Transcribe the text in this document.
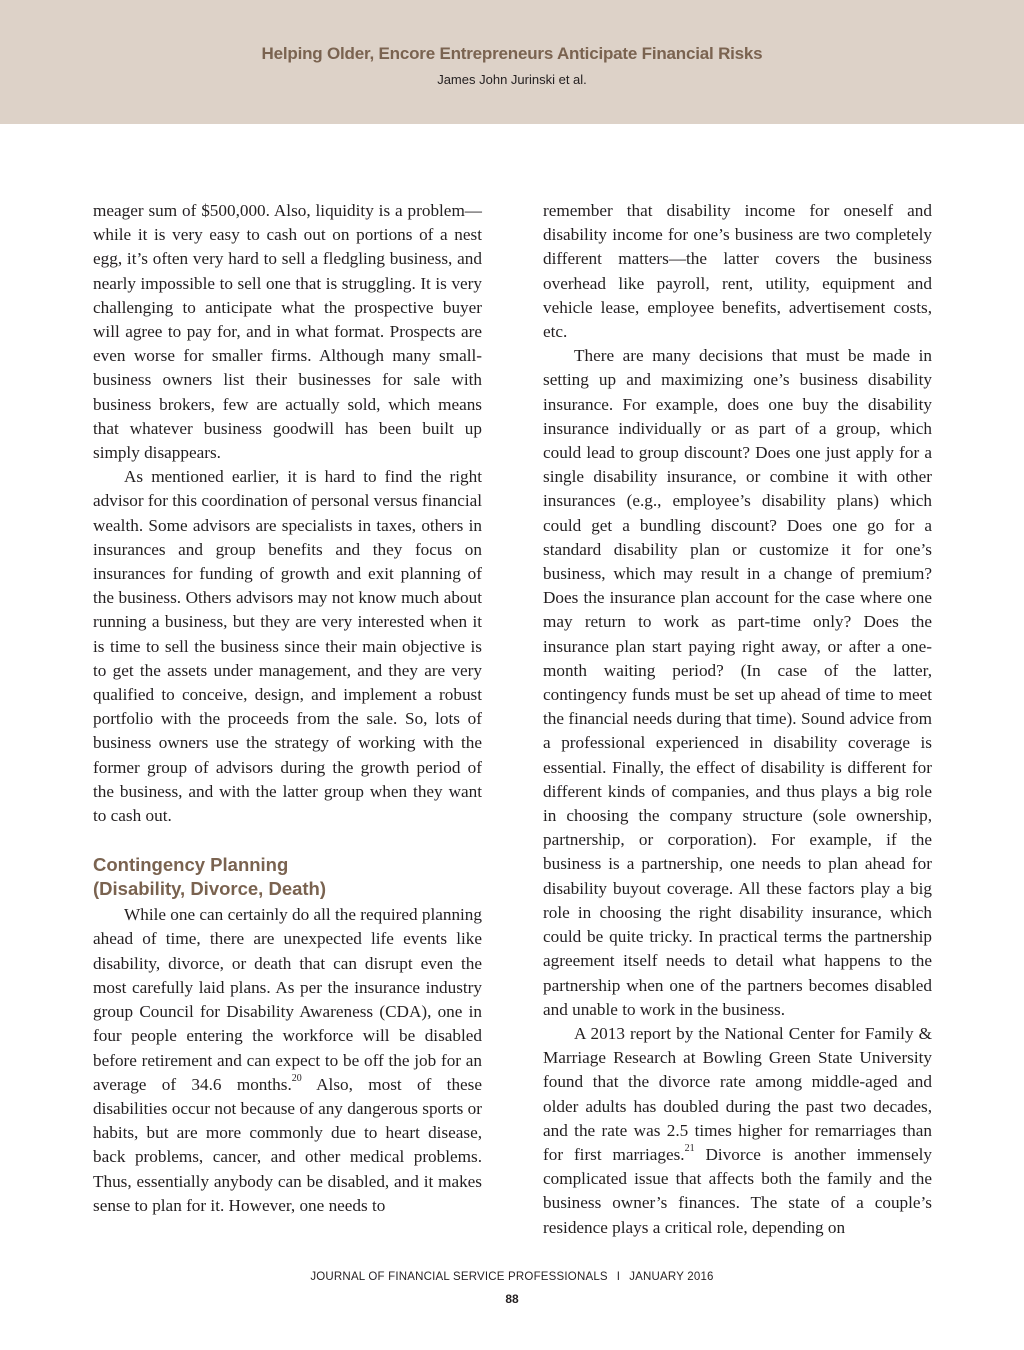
Helping Older, Encore Entrepreneurs Anticipate Financial Risks
James John Jurinski et al.

meager sum of $500,000. Also, liquidity is a problem—while it is very easy to cash out on portions of a nest egg, it’s often very hard to sell a fledgling business, and nearly impossible to sell one that is struggling. It is very challenging to anticipate what the prospective buyer will agree to pay for, and in what format. Prospects are even worse for smaller firms. Although many small-business owners list their businesses for sale with business brokers, few are actually sold, which means that whatever business goodwill has been built up simply disappears.

As mentioned earlier, it is hard to find the right advisor for this coordination of personal versus financial wealth. Some advisors are specialists in taxes, others in insurances and group benefits and they focus on insurances for funding of growth and exit planning of the business. Others advisors may not know much about running a business, but they are very interested when it is time to sell the business since their main objective is to get the assets under management, and they are very qualified to conceive, design, and implement a robust portfolio with the proceeds from the sale. So, lots of business owners use the strategy of working with the former group of advisors during the growth period of the business, and with the latter group when they want to cash out.

Contingency Planning
(Disability, Divorce, Death)

While one can certainly do all the required planning ahead of time, there are unexpected life events like disability, divorce, or death that can disrupt even the most carefully laid plans. As per the insurance industry group Council for Disability Awareness (CDA), one in four people entering the workforce will be disabled before retirement and can expect to be off the job for an average of 34.6 months.$^{20}$ Also, most of these disabilities occur not because of any dangerous sports or habits, but are more commonly due to heart disease, back problems, cancer, and other medical problems. Thus, essentially anybody can be disabled, and it makes sense to plan for it. However, one needs to

remember that disability income for oneself and disability income for one’s business are two completely different matters—the latter covers the business overhead like payroll, rent, utility, equipment and vehicle lease, employee benefits, advertisement costs, etc.

There are many decisions that must be made in setting up and maximizing one’s business disability insurance. For example, does one buy the disability insurance individually or as part of a group, which could lead to group discount? Does one just apply for a single disability insurance, or combine it with other insurances (e.g., employee’s disability plans) which could get a bundling discount? Does one go for a standard disability plan or customize it for one’s business, which may result in a change of premium? Does the insurance plan account for the case where one may return to work as part-time only? Does the insurance plan start paying right away, or after a one-month waiting period? (In case of the latter, contingency funds must be set up ahead of time to meet the financial needs during that time). Sound advice from a professional experienced in disability coverage is essential. Finally, the effect of disability is different for different kinds of companies, and thus plays a big role in choosing the company structure (sole ownership, partnership, or corporation). For example, if the business is a partnership, one needs to plan ahead for disability buyout coverage. All these factors play a big role in choosing the right disability insurance, which could be quite tricky. In practical terms the partnership agreement itself needs to detail what happens to the partnership when one of the partners becomes disabled and unable to work in the business.

A 2013 report by the National Center for Family & Marriage Research at Bowling Green State University found that the divorce rate among middle-aged and older adults has doubled during the past two decades, and the rate was 2.5 times higher for remarriages than for first marriages.$^{21}$ Divorce is another immensely complicated issue that affects both the family and the business owner’s finances. The state of a couple’s residence plays a critical role, depending on

JOURNAL OF FINANCIAL SERVICE PROFESSIONALS I JANUARY 2016
88
